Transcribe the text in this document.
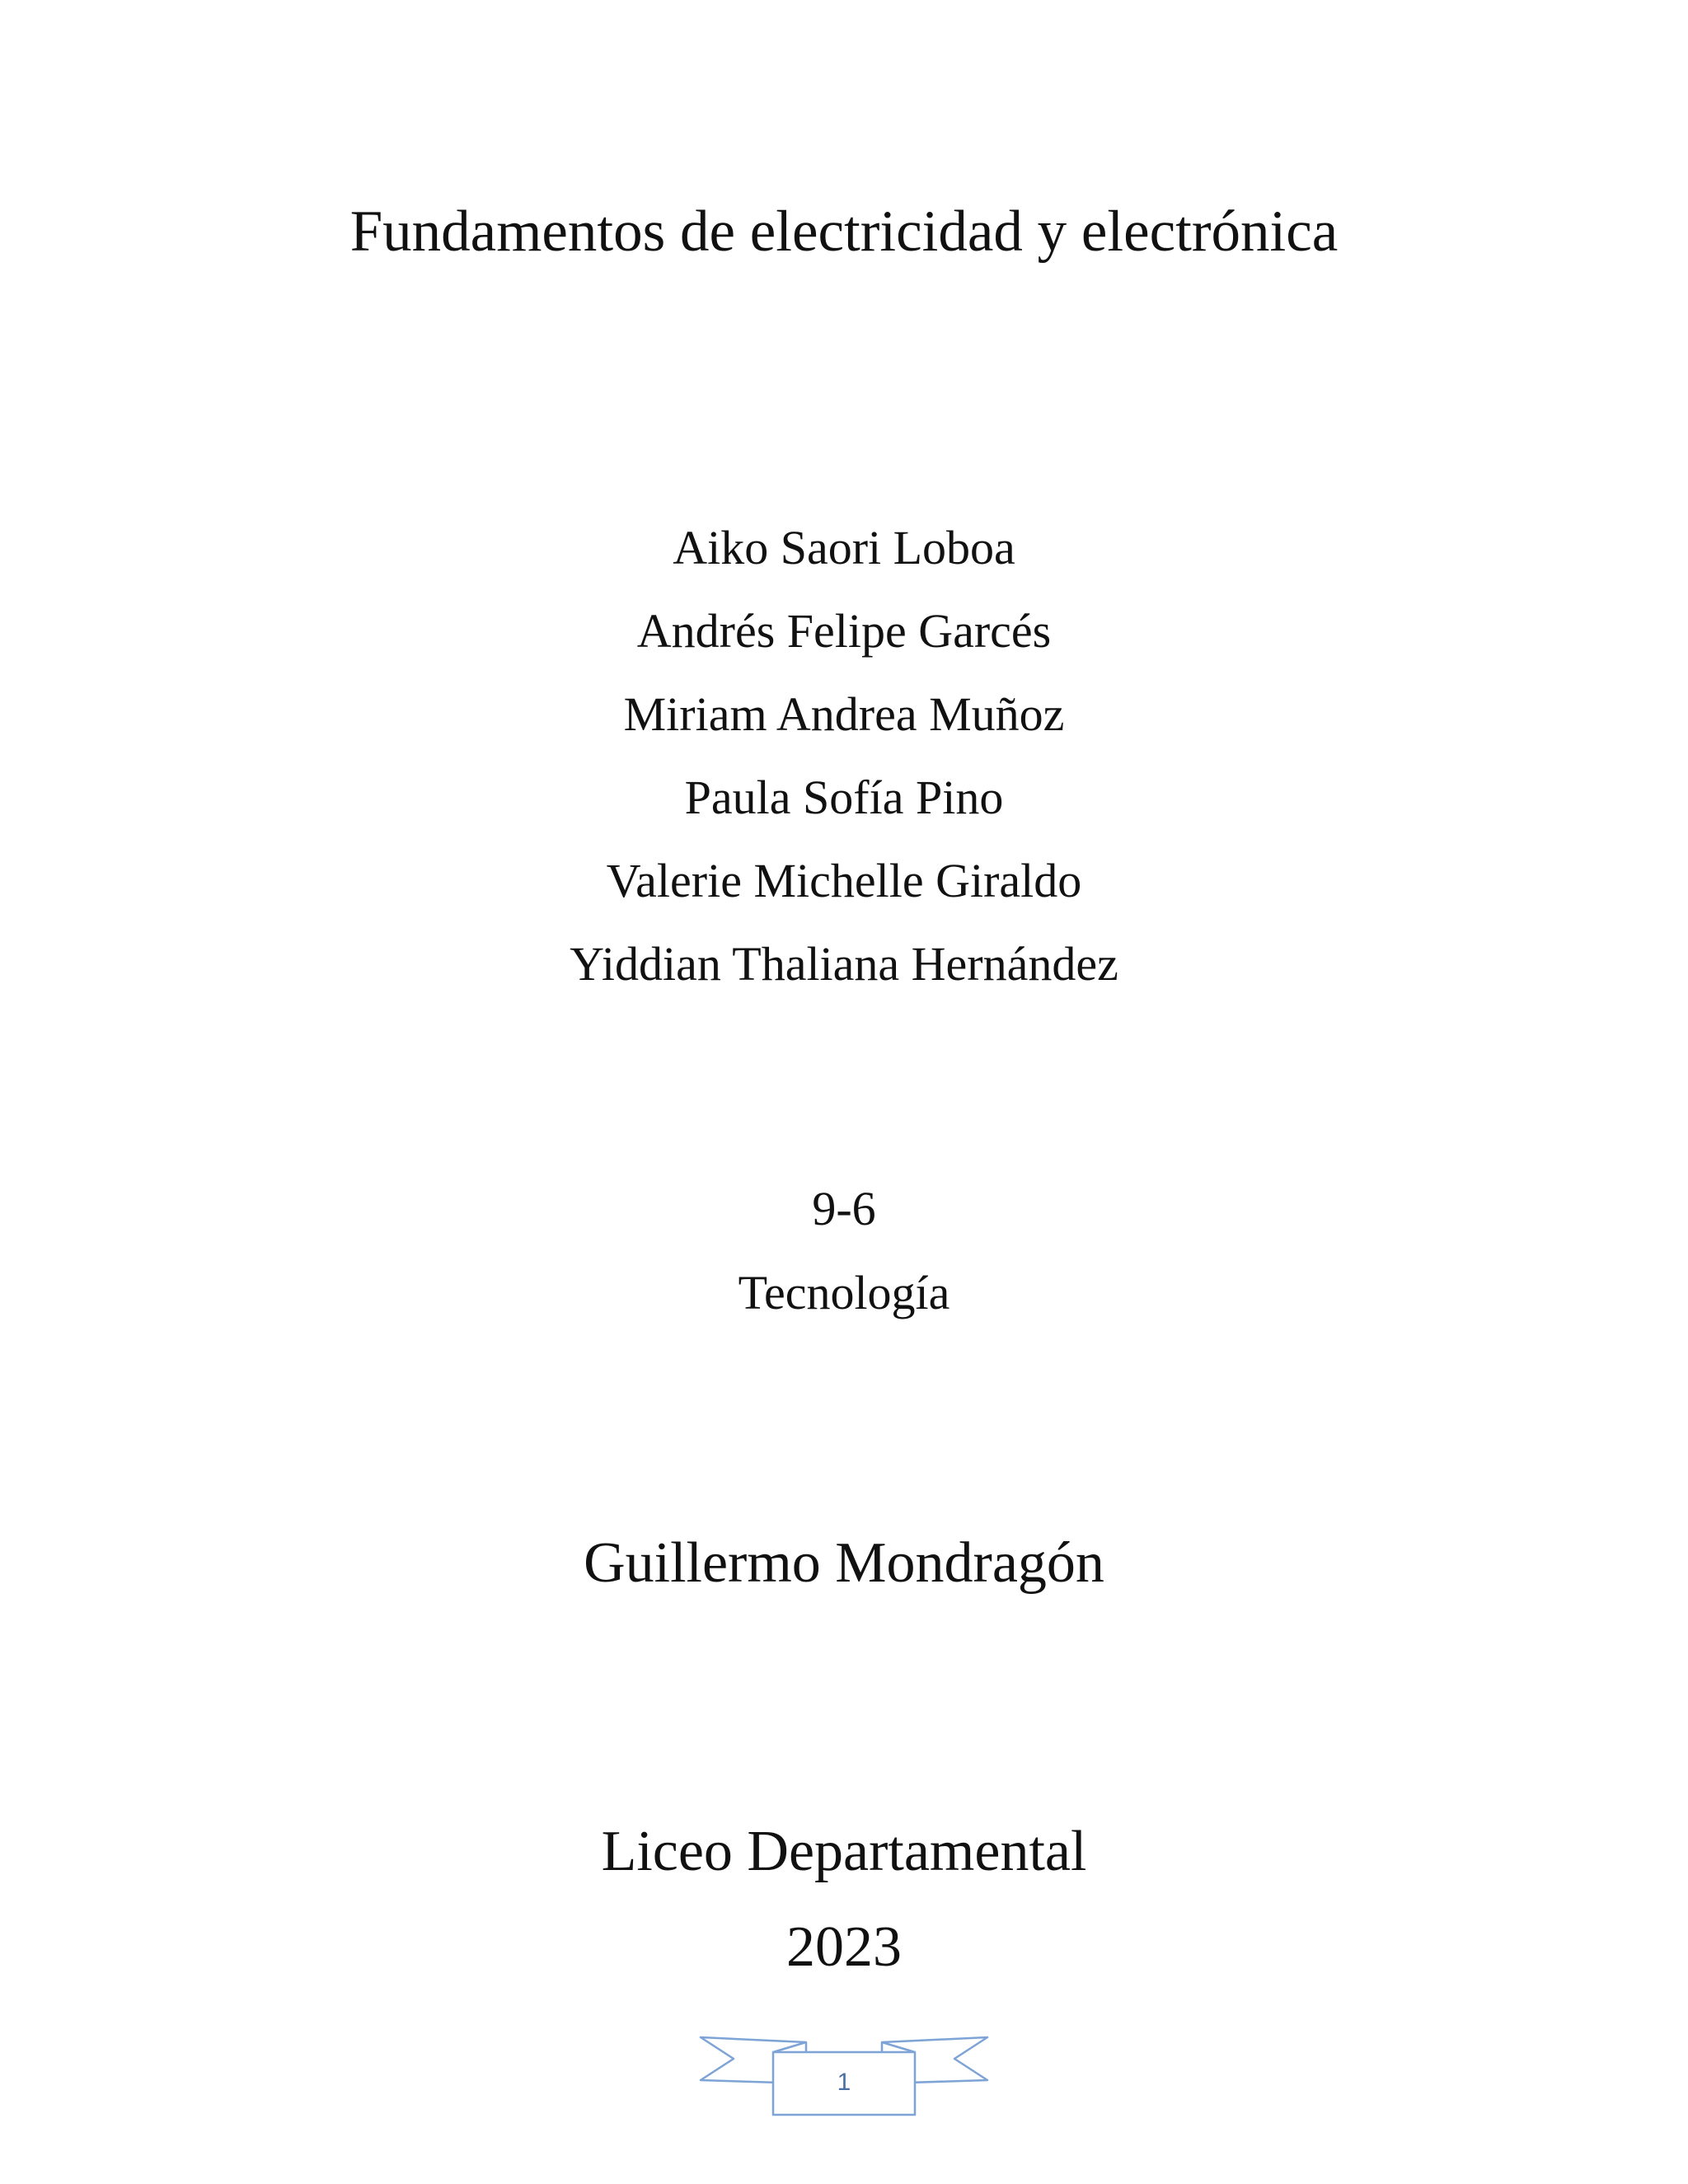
Fundamentos de electricidad y electrónica
Aiko Saori Loboa
Andrés Felipe Garcés
Miriam Andrea Muñoz
Paula Sofía Pino
Valerie Michelle Giraldo
Yiddian Thaliana Hernández
9-6
Tecnología
Guillermo Mondragón
Liceo Departamental
2023
1
